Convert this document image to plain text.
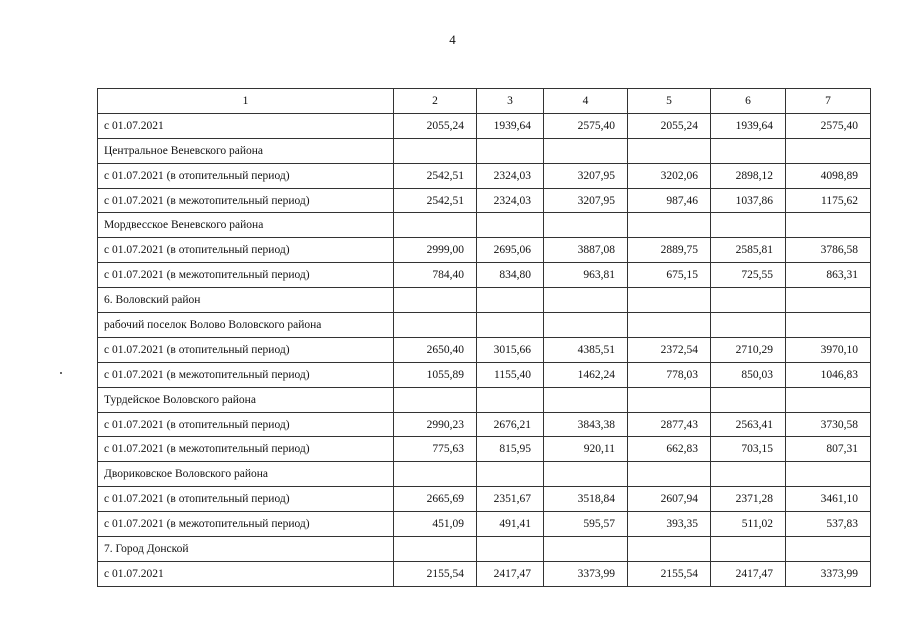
4
1	2	3	4	5	6	7
с 01.07.2021	2055,24	1939,64	2575,40	2055,24	1939,64	2575,40
Центральное Веневского района						
с 01.07.2021 (в отопительный период)	2542,51	2324,03	3207,95	3202,06	2898,12	4098,89
с 01.07.2021 (в межотопительный период)	2542,51	2324,03	3207,95	987,46	1037,86	1175,62
Мордвесское Веневского района						
с 01.07.2021 (в отопительный период)	2999,00	2695,06	3887,08	2889,75	2585,81	3786,58
с 01.07.2021 (в межотопительный период)	784,40	834,80	963,81	675,15	725,55	863,31
6. Воловский район						
рабочий поселок Волово Воловского района						
с 01.07.2021 (в отопительный период)	2650,40	3015,66	4385,51	2372,54	2710,29	3970,10
с 01.07.2021 (в межотопительный период)	1055,89	1155,40	1462,24	778,03	850,03	1046,83
Турдейское Воловского района						
с 01.07.2021 (в отопительный период)	2990,23	2676,21	3843,38	2877,43	2563,41	3730,58
с 01.07.2021 (в межотопительный период)	775,63	815,95	920,11	662,83	703,15	807,31
Двориковское Воловского района						
с 01.07.2021 (в отопительный период)	2665,69	2351,67	3518,84	2607,94	2371,28	3461,10
с 01.07.2021 (в межотопительный период)	451,09	491,41	595,57	393,35	511,02	537,83
7. Город Донской						
с 01.07.2021	2155,54	2417,47	3373,99	2155,54	2417,47	3373,99
